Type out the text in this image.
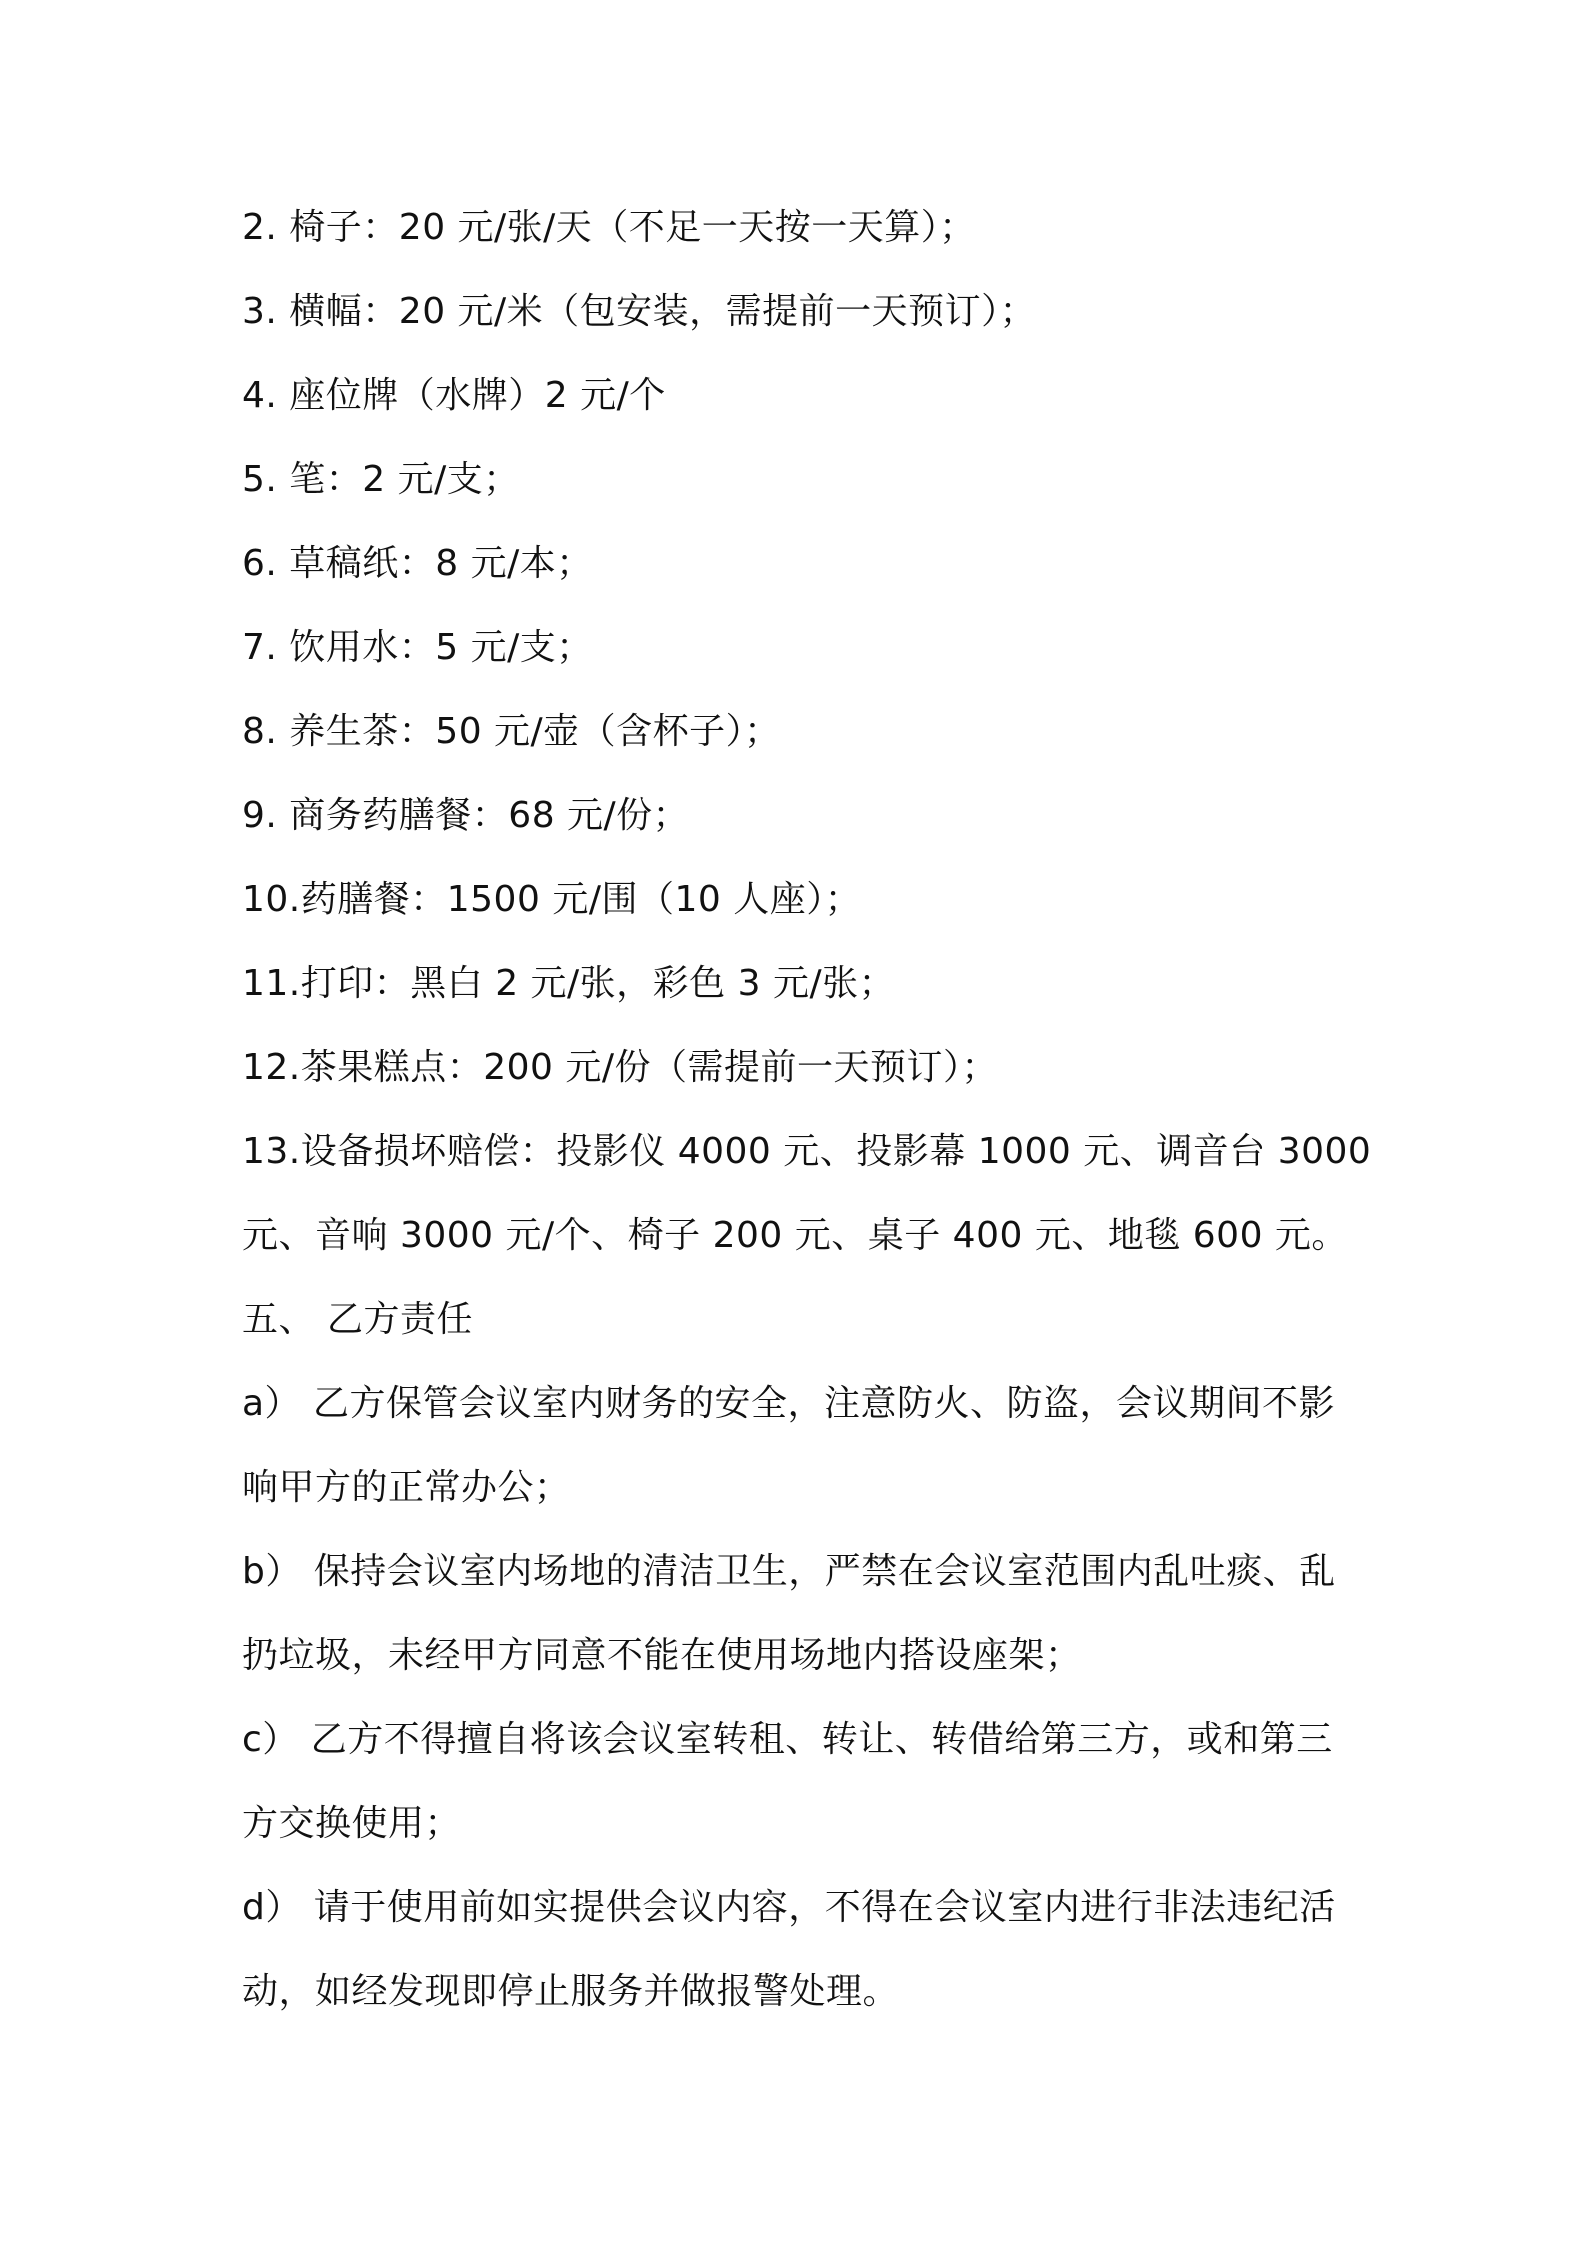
2. 椅子：20 元/张/天（不足一天按一天算）；
3. 横幅：20 元/米（包安装，需提前一天预订）；
4. 座位牌（水牌）2 元/个
5. 笔：2 元/支；
6. 草稿纸：8 元/本；
7. 饮用水：5 元/支；
8. 养生茶：50 元/壶（含杯子）；
9. 商务药膳餐：68 元/份；
10.药膳餐：1500 元/围（10 人座）；
11.打印：黑白 2 元/张，彩色 3 元/张；
12.茶果糕点：200 元/份（需提前一天预订）；
13.设备损坏赔偿：投影仪 4000 元、投影幕 1000 元、调音台 3000
元、音响 3000 元/个、椅子 200 元、桌子 400 元、地毯 600 元。
五、 乙方责任
a） 乙方保管会议室内财务的安全，注意防火、防盗，会议期间不影
响甲方的正常办公；
b） 保持会议室内场地的清洁卫生，严禁在会议室范围内乱吐痰、乱
扔垃圾，未经甲方同意不能在使用场地内搭设座架；
c） 乙方不得擅自将该会议室转租、转让、转借给第三方，或和第三
方交换使用；
d） 请于使用前如实提供会议内容，不得在会议室内进行非法违纪活
动，如经发现即停止服务并做报警处理。
